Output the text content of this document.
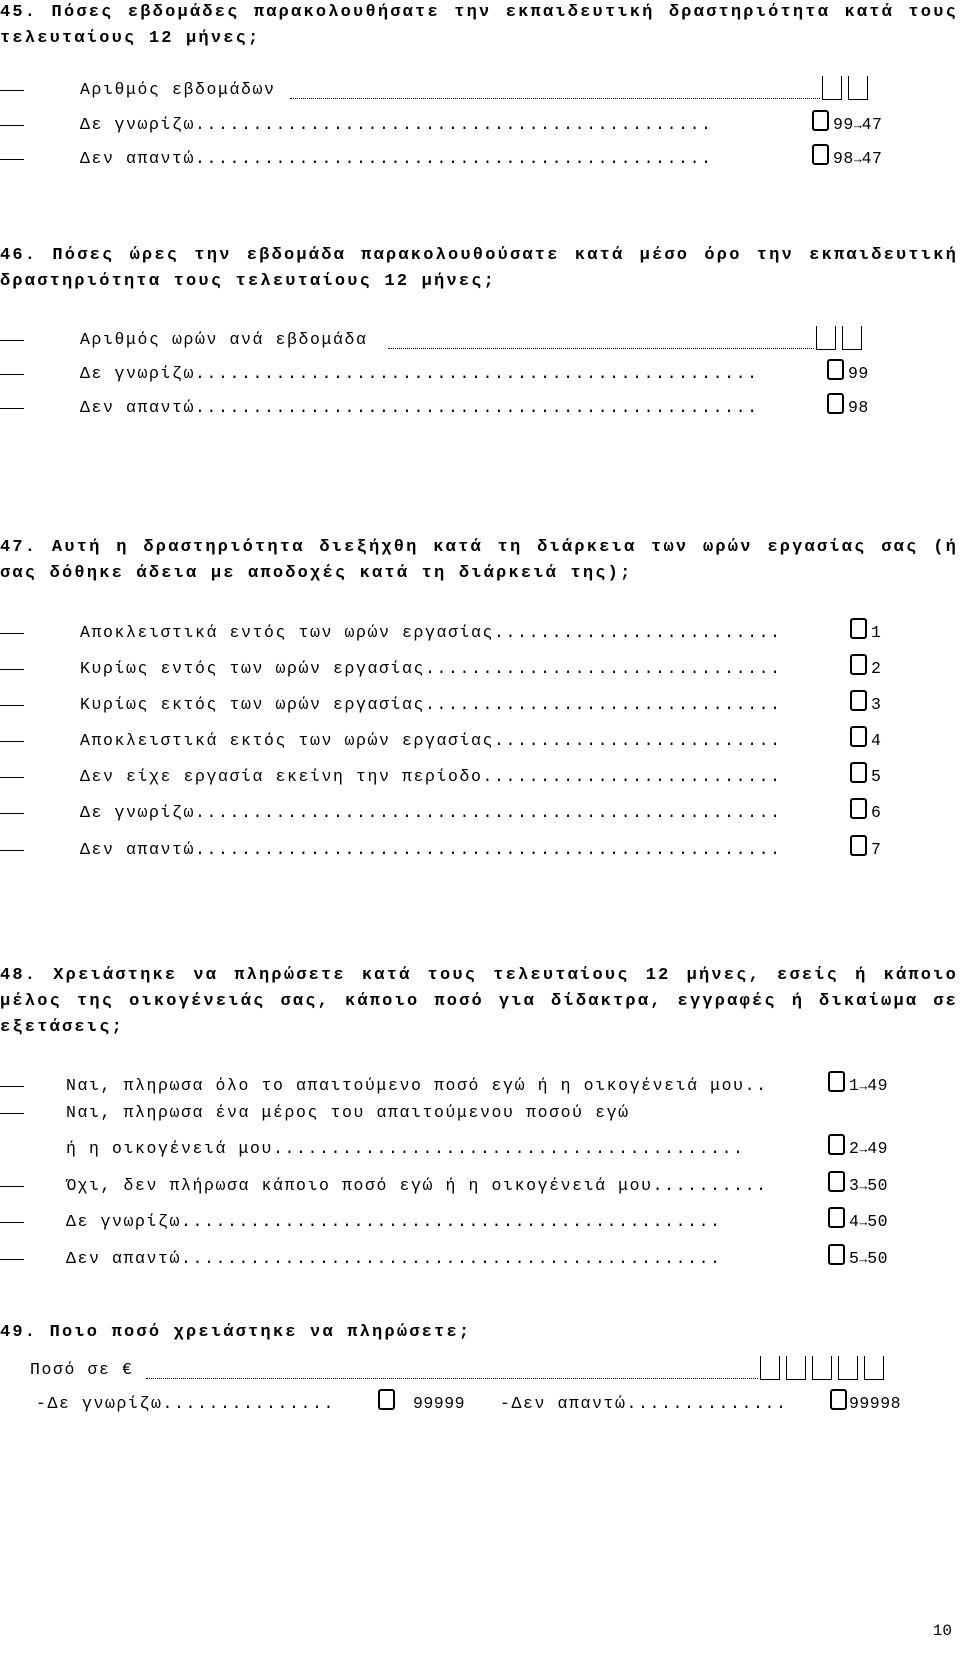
45. Πόσες εβδομάδες παρακολουθήσατε την εκπαιδευτική δραστηριότητα κατά τους τελευταίους 12 μήνες;
Αριθμός εβδομάδων
Δε γνωρίζω.............................................	99→47
Δεν απαντώ.............................................	98→47
46. Πόσες ώρες την εβδομάδα παρακολουθούσατε κατά μέσο όρο την εκπαιδευτική δραστηριότητα τους τελευταίους 12 μήνες;
Αριθμός ωρών ανά εβδομάδα
Δε γνωρίζω.................................................	99
Δεν απαντώ.................................................	98
47. Αυτή η δραστηριότητα διεξήχθη κατά τη διάρκεια των ωρών εργασίας σας (ή σας δόθηκε άδεια με αποδοχές κατά τη διάρκειά της);
Αποκλειστικά εντός των ωρών εργασίας.........................	1
Κυρίως εντός των ωρών εργασίας...............................	2
Κυρίως εκτός των ωρών εργασίας...............................	3
Αποκλειστικά εκτός των ωρών εργασίας.........................	4
Δεν είχε εργασία εκείνη την περίοδο..........................	5
Δε γνωρίζω...................................................	6
Δεν απαντώ...................................................	7
48. Χρειάστηκε να πληρώσετε κατά τους τελευταίους 12 μήνες, εσείς ή κάποιο μέλος της οικογένειάς σας, κάποιο ποσό για δίδακτρα, εγγραφές ή δικαίωμα σε εξετάσεις;
Ναι, πληρωσα όλο το απαιτούμενο ποσό εγώ ή η οικογένειά μου..	1→49
Ναι, πληρωσα ένα μέρος του απαιτούμενου ποσού εγώ
ή η οικογένειά μου.........................................	2→49
Όχι, δεν πλήρωσα κάποιο ποσό εγώ ή η οικογένειά μου..........	3→50
Δε γνωρίζω...............................................	4→50
Δεν απαντώ...............................................	5→50
49. Ποιο ποσό χρειάστηκε να πληρώσετε;
Ποσό σε €
-Δε γνωρίζω...............	99999 -Δεν απαντώ..............	99998
10
